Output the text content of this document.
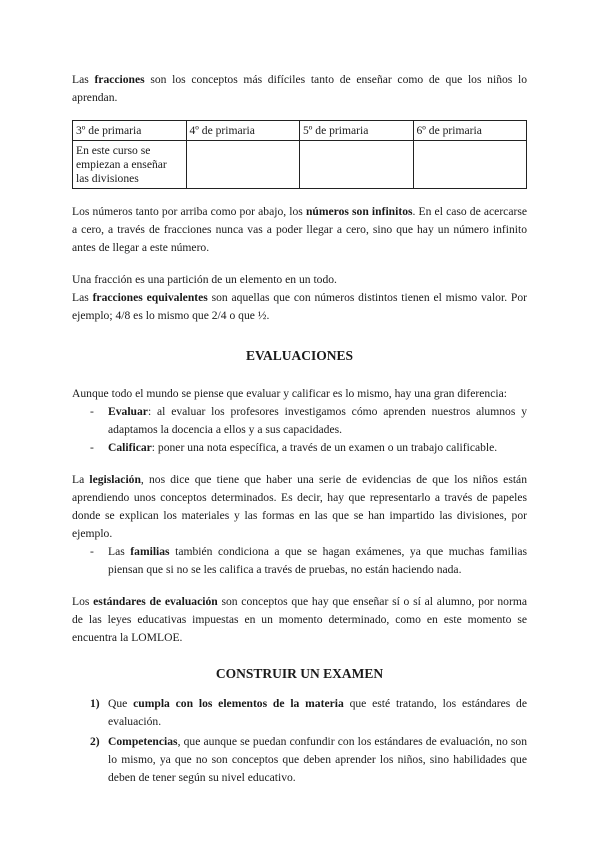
Las fracciones son los conceptos más difíciles tanto de enseñar como de que los niños lo aprendan.

3º de primaria	4º de primaria	5º de primaria	6º de primaria
En este curso se empiezan a enseñar las divisiones			

Los números tanto por arriba como por abajo, los números son infinitos. En el caso de acercarse a cero, a través de fracciones nunca vas a poder llegar a cero, sino que hay un número infinito antes de llegar a este número.

Una fracción es una partición de un elemento en un todo.

Las fracciones equivalentes son aquellas que con números distintos tienen el mismo valor. Por ejemplo; 4/8 es lo mismo que 2/4 o que ½.

EVALUACIONES

Aunque todo el mundo se piense que evaluar y calificar es lo mismo, hay una gran diferencia:

- Evaluar: al evaluar los profesores investigamos cómo aprenden nuestros alumnos y adaptamos la docencia a ellos y a sus capacidades.
- Calificar: poner una nota específica, a través de un examen o un trabajo calificable.

La legislación, nos dice que tiene que haber una serie de evidencias de que los niños están aprendiendo unos conceptos determinados. Es decir, hay que representarlo a través de papeles donde se explican los materiales y las formas en las que se han impartido las divisiones, por ejemplo.

- Las familias también condiciona a que se hagan exámenes, ya que muchas familias piensan que si no se les califica a través de pruebas, no están haciendo nada.

Los estándares de evaluación son conceptos que hay que enseñar sí o sí al alumno, por norma de las leyes educativas impuestas en un momento determinado, como en este momento se encuentra la LOMLOE.

CONSTRUIR UN EXAMEN
1) Que cumpla con los elementos de la materia que esté tratando, los estándares de evaluación.
2) Competencias, que aunque se puedan confundir con los estándares de evaluación, no son lo mismo, ya que no son conceptos que deben aprender los niños, sino habilidades que deben de tener según su nivel educativo.
